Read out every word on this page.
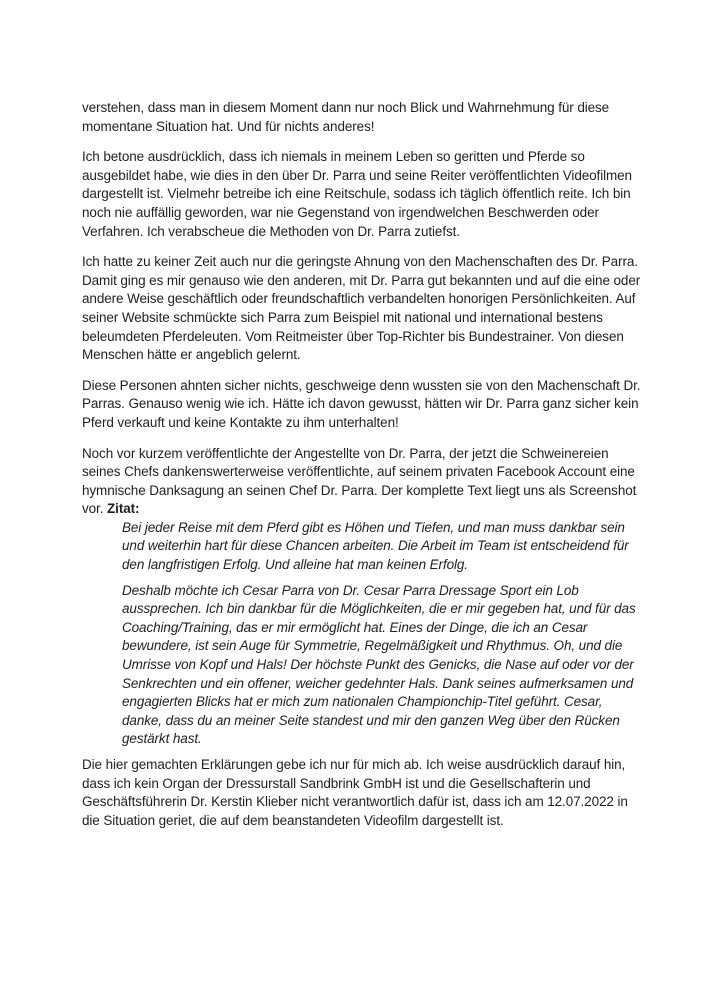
verstehen, dass man in diesem Moment dann nur noch Blick und Wahrnehmung für diese momentane Situation hat. Und für nichts anderes!

Ich betone ausdrücklich, dass ich niemals in meinem Leben so geritten und Pferde so ausgebildet habe, wie dies in den über Dr. Parra und seine Reiter veröffentlichten Videofilmen dargestellt ist. Vielmehr betreibe ich eine Reitschule, sodass ich täglich öffentlich reite. Ich bin noch nie auffällig geworden, war nie Gegenstand von irgendwelchen Beschwerden oder Verfahren. Ich verabscheue die Methoden von Dr. Parra zutiefst.

Ich hatte zu keiner Zeit auch nur die geringste Ahnung von den Machenschaften des Dr. Parra. Damit ging es mir genauso wie den anderen, mit Dr. Parra gut bekannten und auf die eine oder andere Weise geschäftlich oder freundschaftlich verbandelten honorigen Persönlichkeiten. Auf seiner Website schmückte sich Parra zum Beispiel mit national und international bestens beleumdeten Pferdeleuten. Vom Reitmeister über Top-Richter bis Bundestrainer. Von diesen Menschen hätte er angeblich gelernt.

Diese Personen ahnten sicher nichts, geschweige denn wussten sie von den Machenschaft Dr. Parras. Genauso wenig wie ich. Hätte ich davon gewusst, hätten wir Dr. Parra ganz sicher kein Pferd verkauft und keine Kontakte zu ihm unterhalten!

Noch vor kurzem veröffentlichte der Angestellte von Dr. Parra, der jetzt die Schweinereien seines Chefs dankenswerterweise veröffentlichte, auf seinem privaten Facebook Account eine hymnische Danksagung an seinen Chef Dr. Parra. Der komplette Text liegt uns als Screenshot vor. Zitat:

Bei jeder Reise mit dem Pferd gibt es Höhen und Tiefen, und man muss dankbar sein und weiterhin hart für diese Chancen arbeiten. Die Arbeit im Team ist entscheidend für den langfristigen Erfolg. Und alleine hat man keinen Erfolg.

Deshalb möchte ich Cesar Parra von Dr. Cesar Parra Dressage Sport ein Lob aussprechen. Ich bin dankbar für die Möglichkeiten, die er mir gegeben hat, und für das Coaching/Training, das er mir ermöglicht hat. Eines der Dinge, die ich an Cesar bewundere, ist sein Auge für Symmetrie, Regelmäßigkeit und Rhythmus. Oh, und die Umrisse von Kopf und Hals! Der höchste Punkt des Genicks, die Nase auf oder vor der Senkrechten und ein offener, weicher gedehnter Hals. Dank seines aufmerksamen und engagierten Blicks hat er mich zum nationalen Championchip-Titel geführt. Cesar, danke, dass du an meiner Seite standest und mir den ganzen Weg über den Rücken gestärkt hast.

Die hier gemachten Erklärungen gebe ich nur für mich ab. Ich weise ausdrücklich darauf hin, dass ich kein Organ der Dressurstall Sandbrink GmbH ist und die Gesellschafterin und Geschäftsführerin Dr. Kerstin Klieber nicht verantwortlich dafür ist, dass ich am 12.07.2022 in die Situation geriet, die auf dem beanstandeten Videofilm dargestellt ist.
